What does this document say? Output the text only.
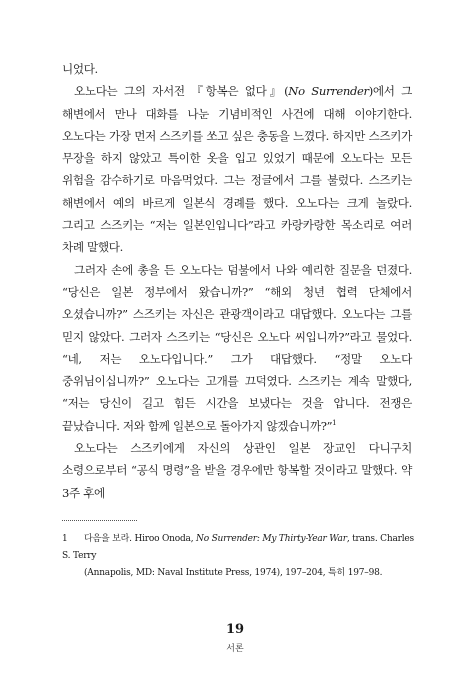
니었다.

오노다는 그의 자서전 『항복은 없다』(No Surrender)에서 그 해변에서 만나 대화를 나눈 기념비적인 사건에 대해 이야기한다. 오노다는 가장 먼저 스즈키를 쏘고 싶은 충동을 느꼈다. 하지만 스즈키가 무장을 하지 않았고 특이한 옷을 입고 있었기 때문에 오노다는 모든 위험을 감수하기로 마음먹었다. 그는 정글에서 그를 불렀다. 스즈키는 해변에서 예의 바르게 일본식 경례를 했다. 오노다는 크게 놀랐다. 그리고 스즈키는 “저는 일본인입니다”라고 카랑카랑한 목소리로 여러 차례 말했다.

그러자 손에 총을 든 오노다는 덤불에서 나와 예리한 질문을 던졌다. “당신은 일본 정부에서 왔습니까?” “해외 청년 협력 단체에서 오셨습니까?” 스즈키는 자신은 관광객이라고 대답했다. 오노다는 그를 믿지 않았다. 그러자 스즈키는 “당신은 오노다 씨입니까?”라고 물었다. “네, 저는 오노다입니다.” 그가 대답했다. “정말 오노다 중위님이십니까?” 오노다는 고개를 끄덕였다. 스즈키는 계속 말했다, “저는 당신이 길고 힘든 시간을 보냈다는 것을 압니다. 전쟁은 끝났습니다. 저와 함께 일본으로 돌아가지 않겠습니까?”$^1$

오노다는 스즈키에게 자신의 상관인 일본 장교인 다니구치 소령으로부터 “공식 명령”을 받을 경우에만 항복할 것이라고 말했다. 약 3주 후에

1 다음을 보라. Hiroo Onoda, No Surrender: My Thirty-Year War, trans. Charles S. Terry
(Annapolis, MD: Naval Institute Press, 1974), 197–204, 특히 197–98.
19
서론
